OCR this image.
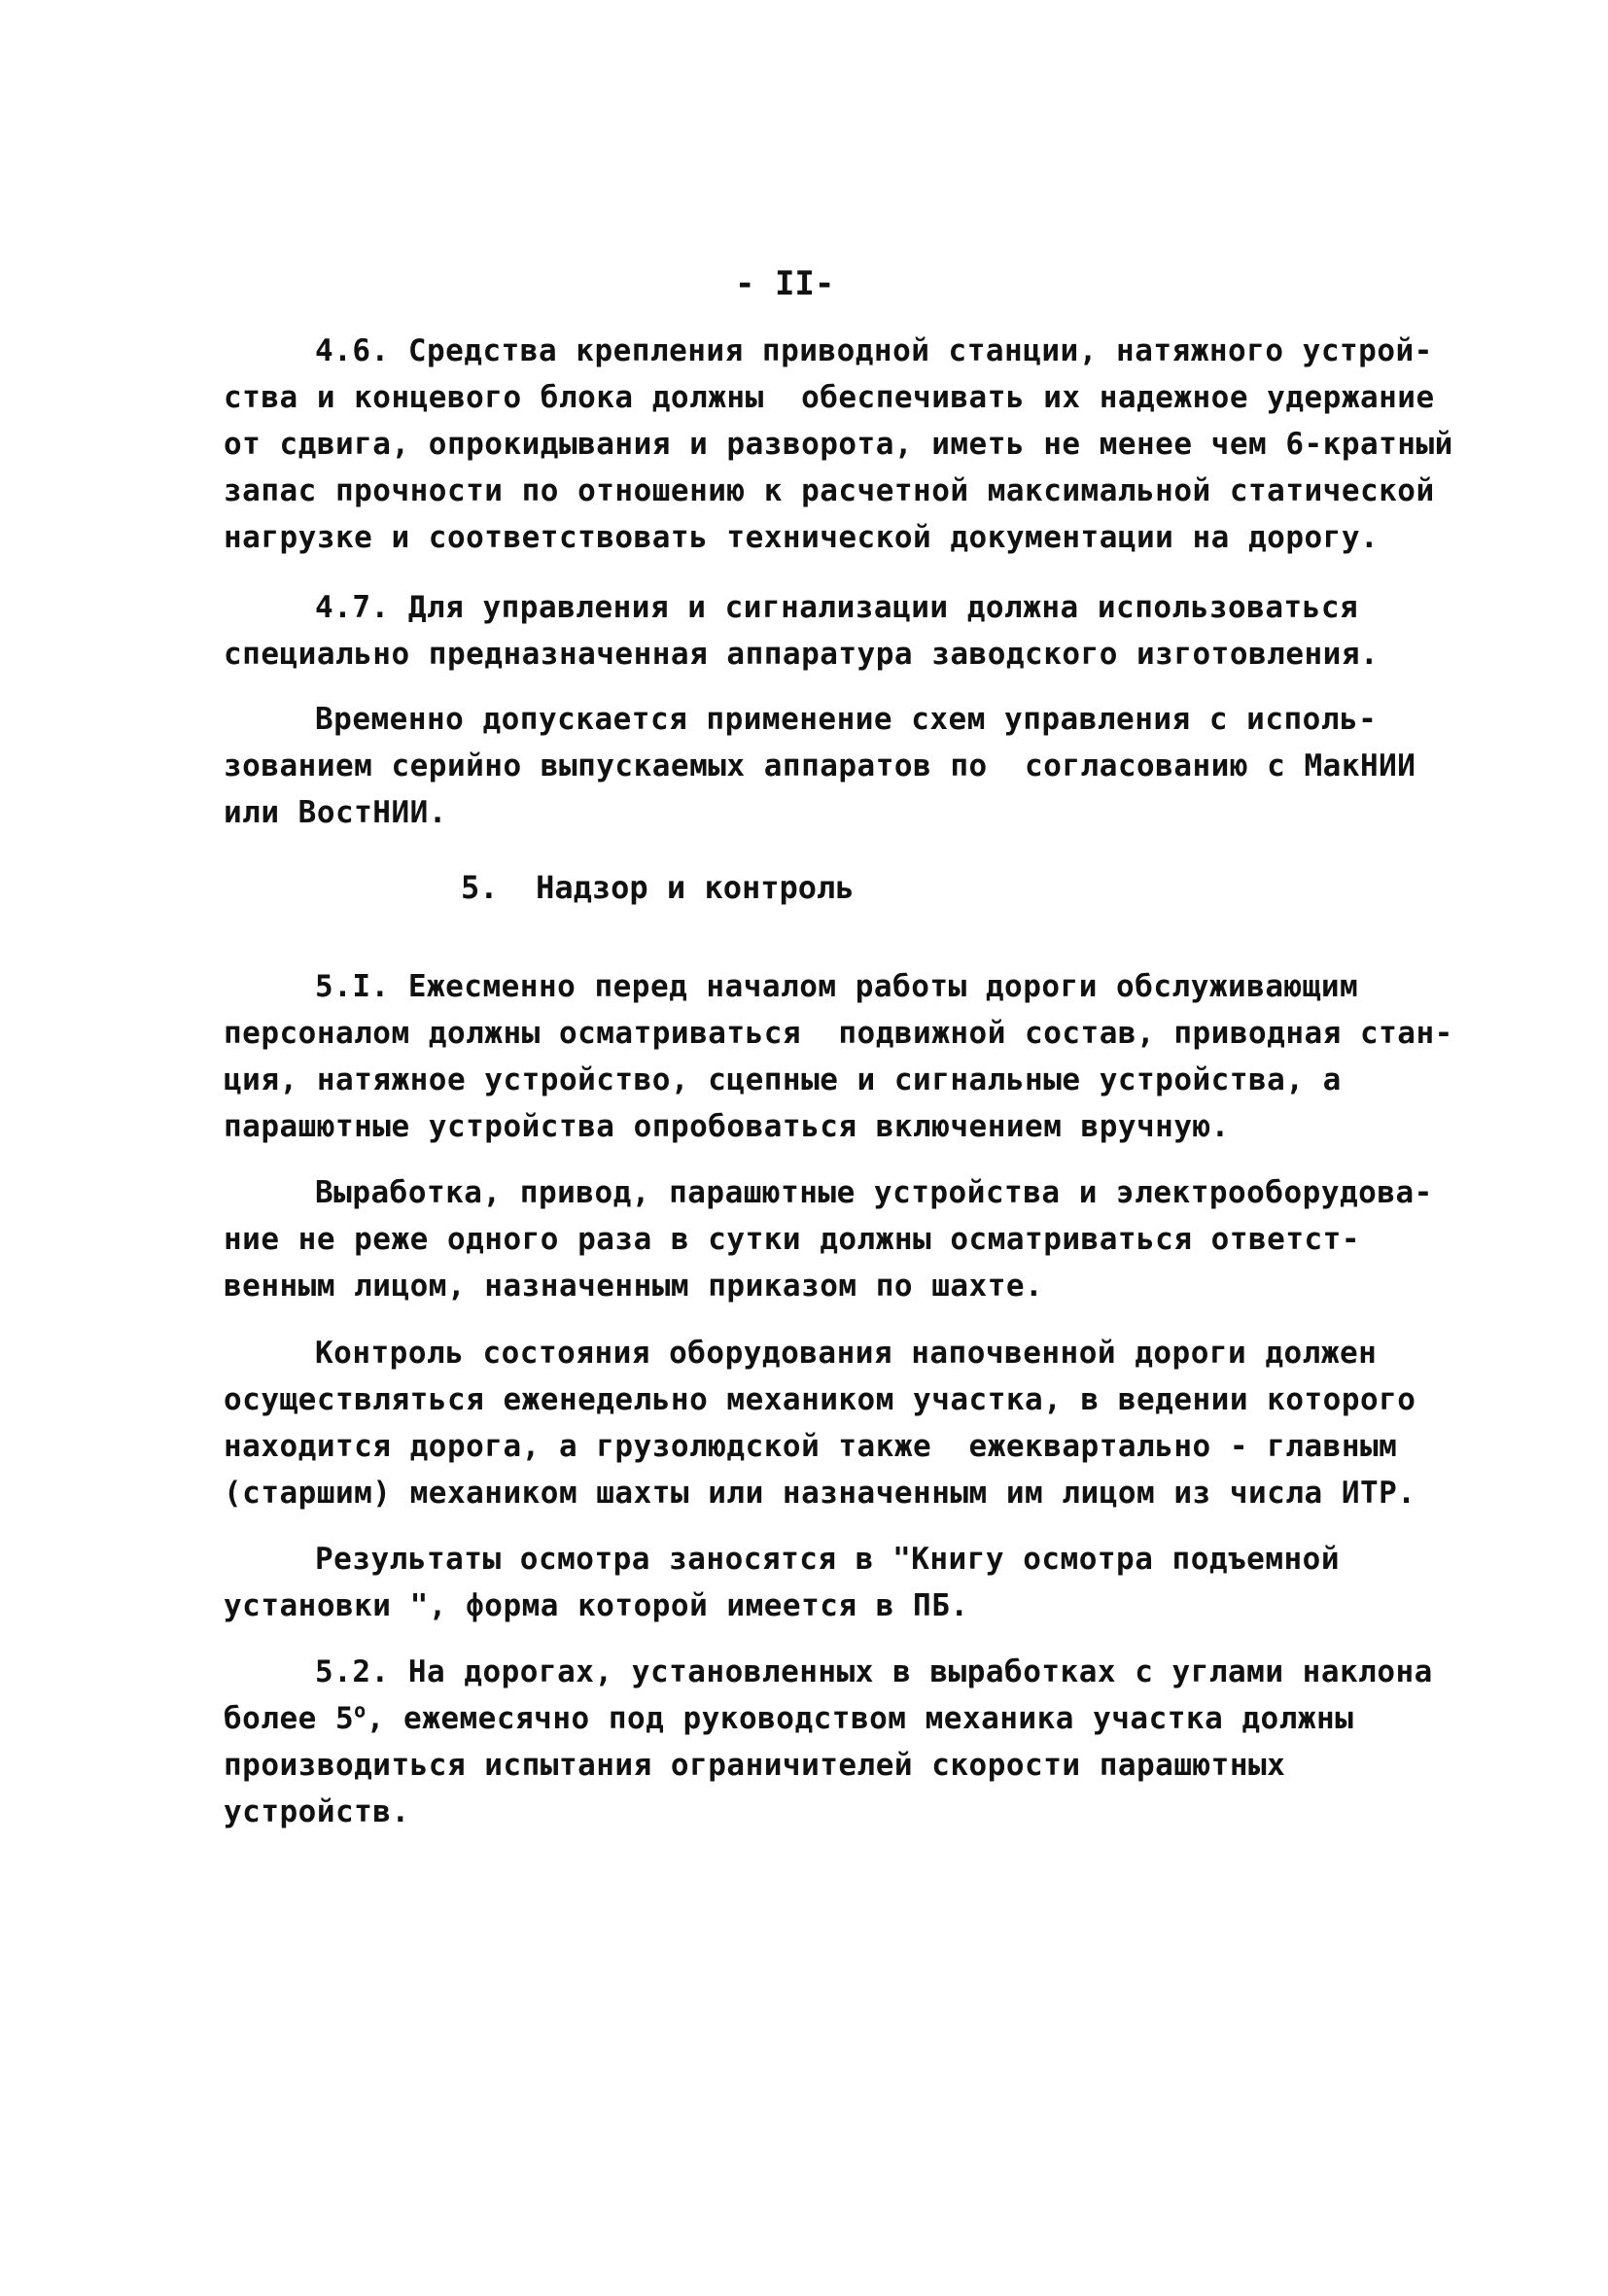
- II-
4.6. Средства крепления приводной станции, натяжного устрой-
ства и концевого блока должны  обеспечивать их надежное удержание
от сдвига, опрокидывания и разворота, иметь не менее чем 6-кратный
запас прочности по отношению к расчетной максимальной статической
нагрузке и соответствовать технической документации на дорогу.
4.7. Для управления и сигнализации должна использоваться
специально предназначенная аппаратура заводского изготовления.
Временно допускается применение схем управления с исполь-
зованием серийно выпускаемых аппаратов по  согласованию с МакНИИ
или ВостНИИ.
5.  Надзор и контроль
5.I. Ежесменно перед началом работы дороги обслуживающим
персоналом должны осматриваться  подвижной состав, приводная стан-
ция, натяжное устройство, сцепные и сигнальные устройства, а
парашютные устройства опробоваться включением вручную.
Выработка, привод, парашютные устройства и электрооборудова-
ние не реже одного раза в сутки должны осматриваться ответст-
венным лицом, назначенным приказом по шахте.
Контроль состояния оборудования напочвенной дороги должен
осуществляться еженедельно механиком участка, в ведении которого
находится дорога, а грузолюдской также  ежеквартально - главным
(старшим) механиком шахты или назначенным им лицом из числа ИТР.
Результаты осмотра заносятся в "Книгу осмотра подъемной
установки ", форма которой имеется в ПБ.
5.2. На дорогах, установленных в выработках с углами наклона
более $5^о$, ежемесячно под руководством механика участка должны
производиться испытания ограничителей скорости парашютных
устройств.
